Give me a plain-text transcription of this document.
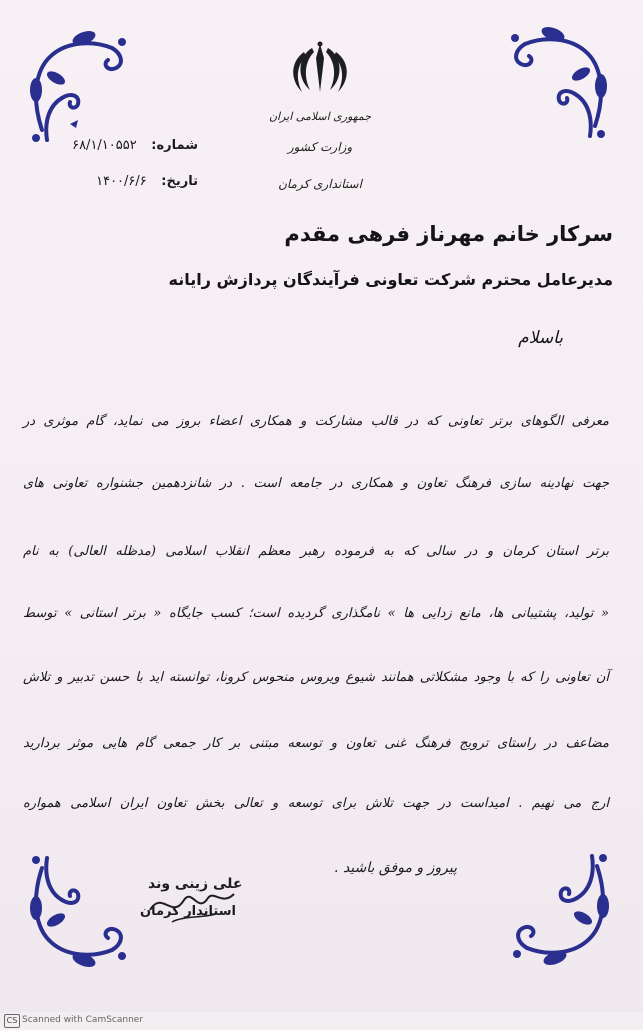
جمهوری اسلامی ایران
وزارت کشور
استانداری کرمان
شماره: ۶۸/۱/۱۰۵۵۲
تاریخ: ۱۴۰۰/۶/۶
سرکار خانم مهرناز فرهی مقدم
مدیرعامل محترم شرکت تعاونی فرآیندگان پردازش رایانه
باسلام
معرفی الگوهای برتر تعاونی که در قالب مشارکت و همکاری اعضاء بروز می نماید، گام موثری در
جهت نهادینه سازی فرهنگ تعاون و همکاری در جامعه است . در شانزدهمین جشنواره تعاونی های
برتر استان کرمان و در سالی که به فرموده رهبر معظم انقلاب اسلامی (مدظله العالی) به نام
« تولید، پشتیبانی ها، مانع زدایی ها » نامگذاری گردیده است؛ کسب جایگاه « برتر استانی » توسط
آن تعاونی را که با وجود مشکلاتی همانند شیوع ویروس منحوس کرونا، توانسته اید با حسن تدبیر و تلاش
مضاعف در راستای ترویج فرهنگ غنی تعاون و توسعه مبتنی بر کار جمعی گام هایی موثر بردارید
ارج می نهیم . امیداست در جهت تلاش برای توسعه و تعالی بخش تعاون ایران اسلامی همواره
پیروز و موفق باشید .
علی زینی وند
استاندار کرمان
CS Scanned with CamScanner
